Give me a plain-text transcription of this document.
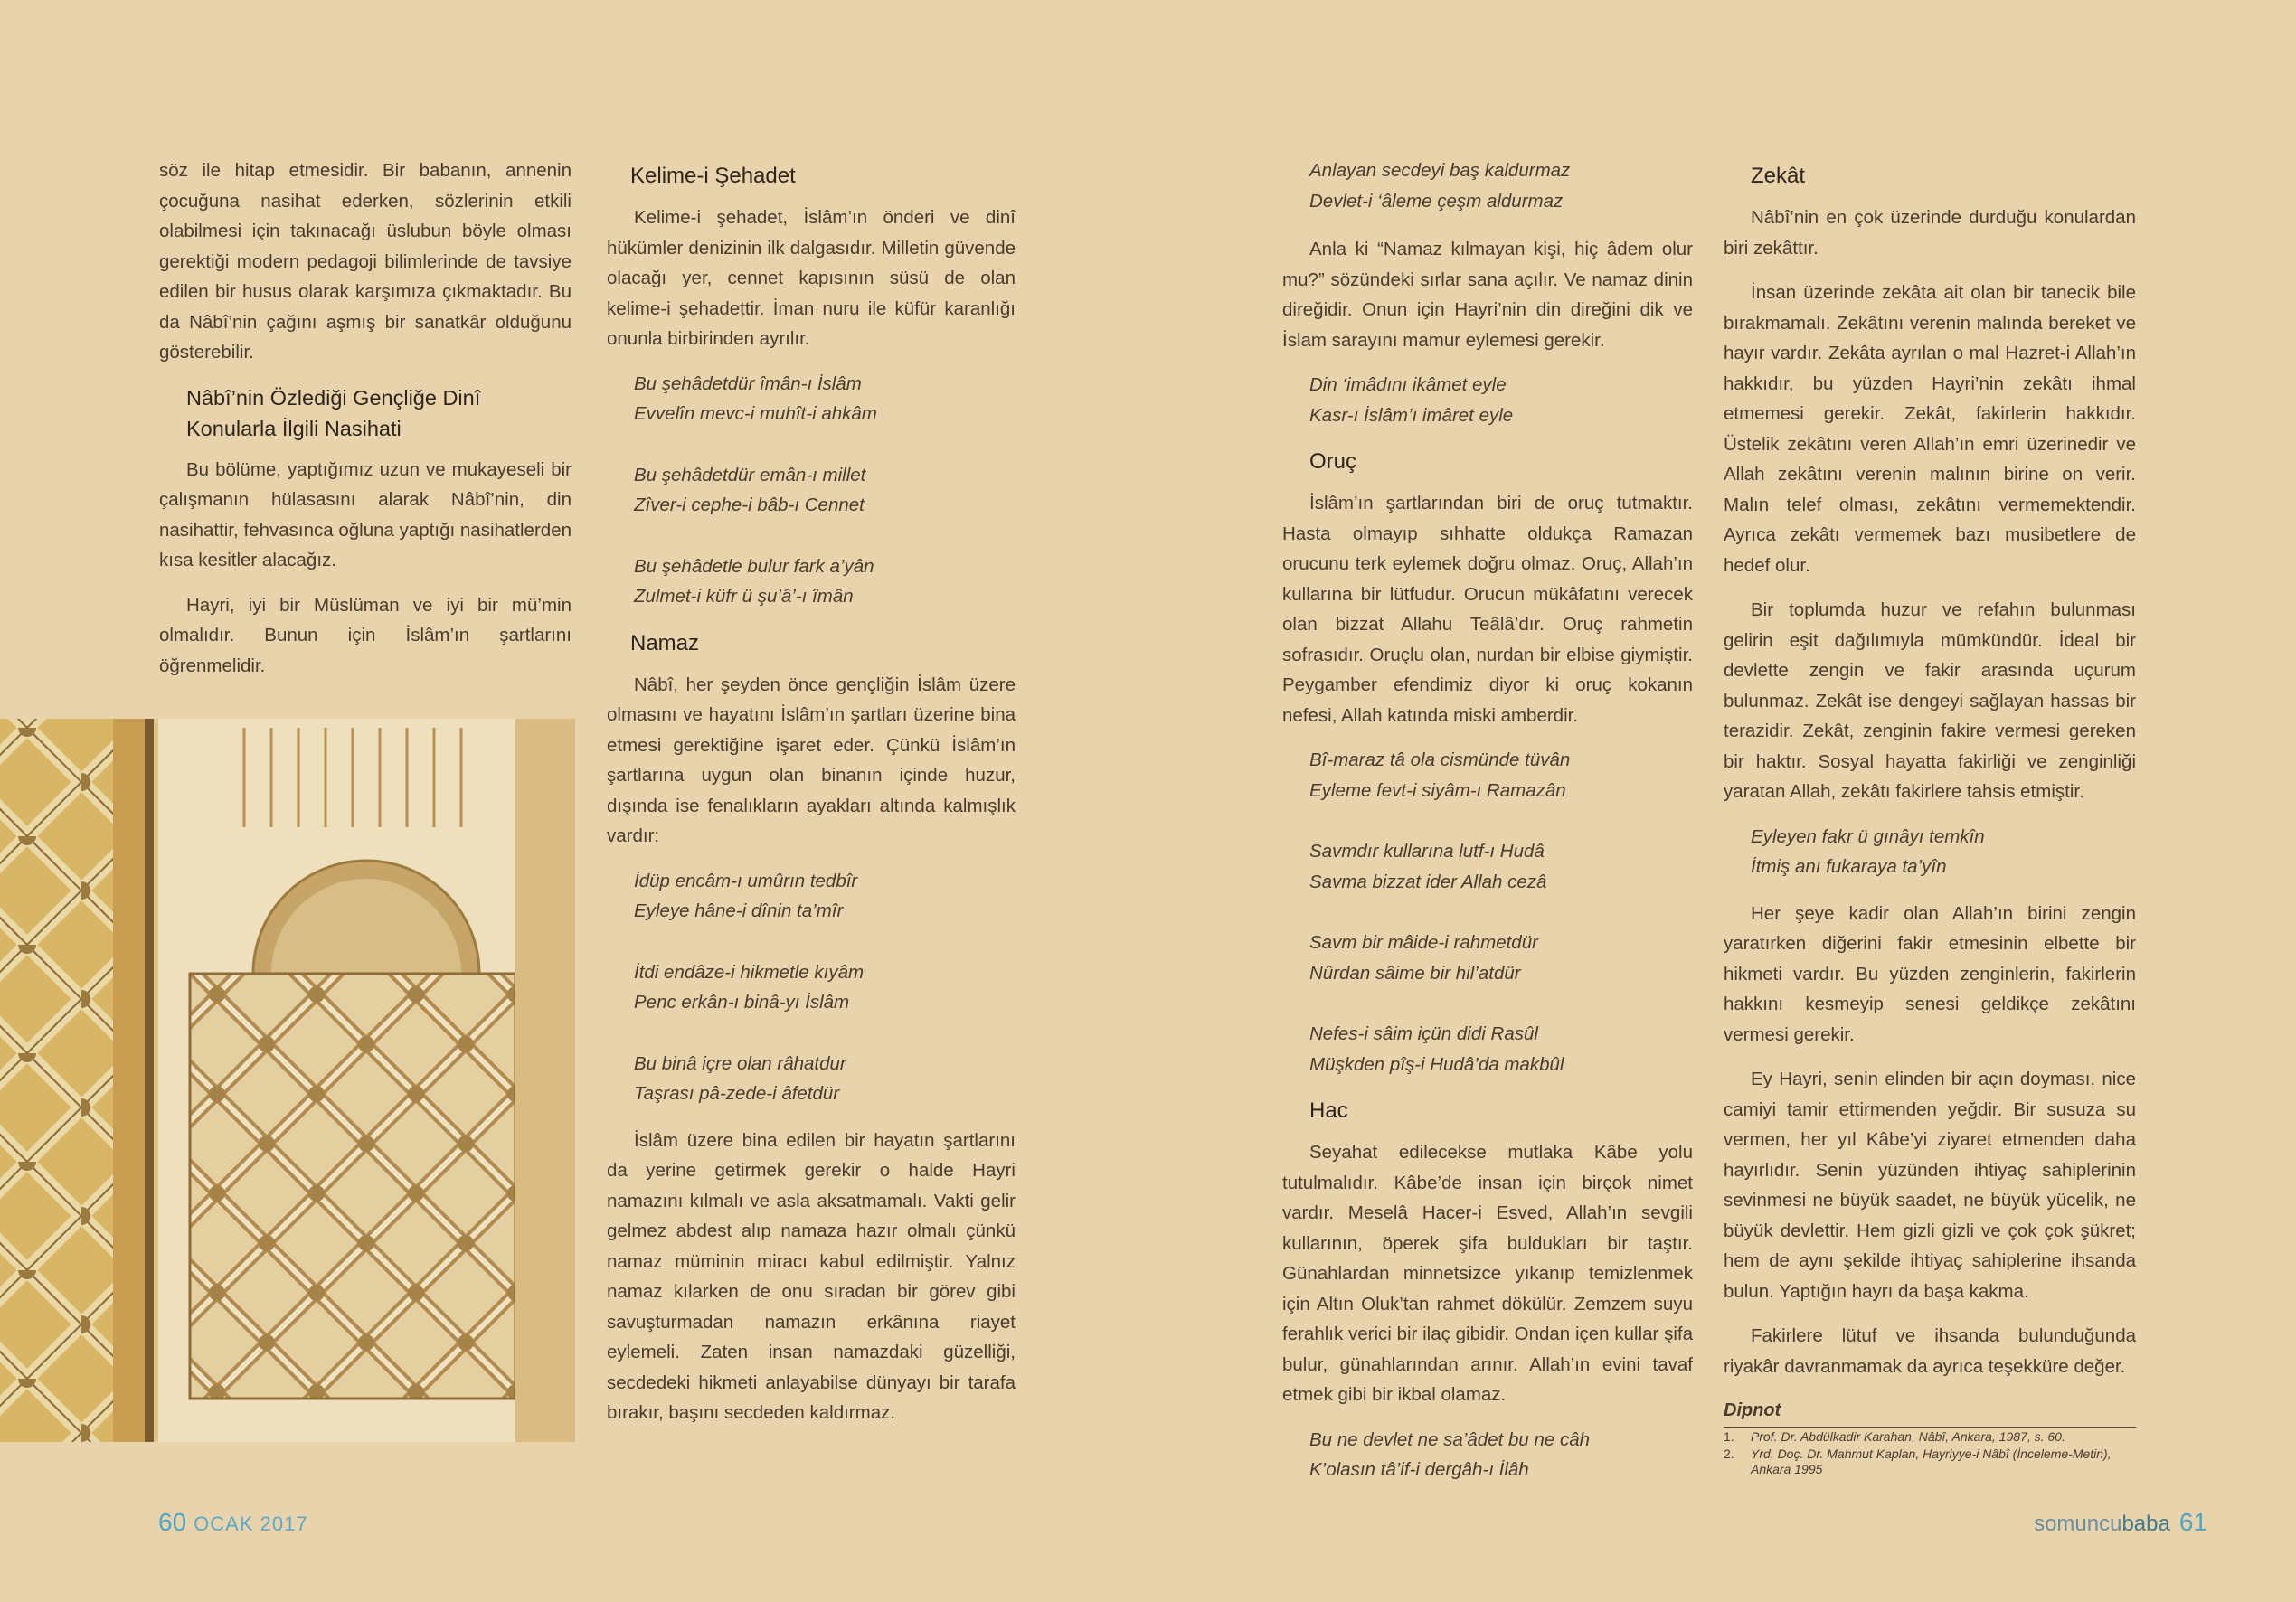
söz ile hitap etmesidir. Bir babanın, annenin çocuğuna nasihat ederken, sözlerinin etkili olabilmesi için takınacağı üslubun böyle olması gerektiği modern pedagoji bilimlerinde de tavsiye edilen bir husus olarak karşımıza çıkmaktadır. Bu da Nâbî’nin çağını aşmış bir sanatkâr olduğunu gösterebilir.

Nâbî’nin Özlediği Gençliğe Dinî Konularla İlgili Nasihati

Bu bölüme, yaptığımız uzun ve mukayeseli bir çalışmanın hülasasını alarak Nâbî’nin, din nasihattir, fehvasınca oğluna yaptığı nasihatlerden kısa kesitler alacağız.

Hayri, iyi bir Müslüman ve iyi bir mü’min olmalıdır. Bunun için İslâm’ın şartlarını öğrenmelidir.

Kelime-i Şehadet

Kelime-i şehadet, İslâm’ın önderi ve dinî hükümler denizinin ilk dalgasıdır. Milletin güvende olacağı yer, cennet kapısının süsü de olan kelime-i şehadettir. İman nuru ile küfür karanlığı onunla birbirinden ayrılır.

Bu şehâdetdür îmân-ı İslâm
Evvelîn mevc-i muhît-i ahkâm
Bu şehâdetdür emân-ı millet
Zîver-i cephe-i bâb-ı Cennet
Bu şehâdetle bulur fark a’yân
Zulmet-i küfr ü şu’â’-ı îmân
Namaz

Nâbî, her şeyden önce gençliğin İslâm üzere olmasını ve hayatını İslâm’ın şartları üzerine bina etmesi gerektiğine işaret eder. Çünkü İslâm’ın şartlarına uygun olan binanın içinde huzur, dışında ise fenalıkların ayakları altında kalmışlık vardır:

İdüp encâm-ı umûrın tedbîr
Eyleye hâne-i dînin ta’mîr
İtdi endâze-i hikmetle kıyâm
Penc erkân-ı binâ-yı İslâm
Bu binâ içre olan râhatdur
Taşrası pâ-zede-i âfetdür

İslâm üzere bina edilen bir hayatın şartlarını da yerine getirmek gerekir o halde Hayri namazını kılmalı ve asla aksatmamalı. Vakti gelir gelmez abdest alıp namaza hazır olmalı çünkü namaz müminin miracı kabul edilmiştir. Yalnız namaz kılarken de onu sıradan bir görev gibi savuşturmadan namazın erkânına riayet eylemeli. Zaten insan namazdaki güzelliği, secdedeki hikmeti anlayabilse dünyayı bir tarafa bırakır, başını secdeden kaldırmaz.

Anlayan secdeyi baş kaldurmaz
Devlet-i ‘âleme çeşm aldurmaz

Anla ki “Namaz kılmayan kişi, hiç âdem olur mu?” sözündeki sırlar sana açılır. Ve namaz dinin direğidir. Onun için Hayri’nin din direğini dik ve İslam sarayını mamur eylemesi gerekir.

Din ‘imâdını ikâmet eyle
Kasr-ı İslâm’ı imâret eyle
Oruç

İslâm’ın şartlarından biri de oruç tutmaktır. Hasta olmayıp sıhhatte oldukça Ramazan orucunu terk eylemek doğru olmaz. Oruç, Allah’ın kullarına bir lütfudur. Orucun mükâfatını verecek olan bizzat Allahu Teâlâ’dır. Oruç rahmetin sofrasıdır. Oruçlu olan, nurdan bir elbise giymiştir. Peygamber efendimiz diyor ki oruç kokanın nefesi, Allah katında miski amberdir.

Bî-maraz tâ ola cismünde tüvân
Eyleme fevt-i siyâm-ı Ramazân
Savmdır kullarına lutf-ı Hudâ
Savma bizzat ider Allah cezâ
Savm bir mâide-i rahmetdür
Nûrdan sâime bir hil’atdür
Nefes-i sâim içün didi Rasûl
Müşkden pîş-i Hudâ’da makbûl
Hac

Seyahat edilecekse mutlaka Kâbe yolu tutulmalıdır. Kâbe’de insan için birçok nimet vardır. Meselâ Hacer-i Esved, Allah’ın sevgili kullarının, öperek şifa buldukları bir taştır. Günahlardan minnetsizce yıkanıp temizlenmek için Altın Oluk’tan rahmet dökülür. Zemzem suyu ferahlık verici bir ilaç gibidir. Ondan içen kullar şifa bulur, günahlarından arınır. Allah’ın evini tavaf etmek gibi bir ikbal olamaz.

Bu ne devlet ne sa’âdet bu ne câh
K’olasın tâ’if-i dergâh-ı İlâh
Zekât

Nâbî’nin en çok üzerinde durduğu konulardan biri zekâttır.

İnsan üzerinde zekâta ait olan bir tanecik bile bırakmamalı. Zekâtını verenin malında bereket ve hayır vardır. Zekâta ayrılan o mal Hazret-i Allah’ın hakkıdır, bu yüzden Hayri’nin zekâtı ihmal etmemesi gerekir. Zekât, fakirlerin hakkıdır. Üstelik zekâtını veren Allah’ın emri üzerinedir ve Allah zekâtını verenin malının birine on verir. Malın telef olması, zekâtını vermemektendir. Ayrıca zekâtı vermemek bazı musibetlere de hedef olur.

Bir toplumda huzur ve refahın bulunması gelirin eşit dağılımıyla mümkündür. İdeal bir devlette zengin ve fakir arasında uçurum bulunmaz. Zekât ise dengeyi sağlayan hassas bir terazidir. Zekât, zenginin fakire vermesi gereken bir haktır. Sosyal hayatta fakirliği ve zenginliği yaratan Allah, zekâtı fakirlere tahsis etmiştir.

Eyleyen fakr ü gınâyı temkîn
İtmiş anı fukaraya ta’yîn

Her şeye kadir olan Allah’ın birini zengin yaratırken diğerini fakir etmesinin elbette bir hikmeti vardır. Bu yüzden zenginlerin, fakirlerin hakkını kesmeyip senesi geldikçe zekâtını vermesi gerekir.

Ey Hayri, senin elinden bir açın doyması, nice camiyi tamir ettirmenden yeğdir. Bir susuza su vermen, her yıl Kâbe’yi ziyaret etmenden daha hayırlıdır. Senin yüzünden ihtiyaç sahiplerinin sevinmesi ne büyük saadet, ne büyük yücelik, ne büyük devlettir. Hem gizli gizli ve çok çok şükret; hem de aynı şekilde ihtiyaç sahiplerine ihsanda bulun. Yaptığın hayrı da başa kakma.

Fakirlere lütuf ve ihsanda bulunduğunda riyakâr davranmamak da ayrıca teşekküre değer.

Dipnot
1.	Prof. Dr. Abdülkadir Karahan, Nâbî, Ankara, 1987, s. 60.
2.	Yrd. Doç. Dr. Mahmut Kaplan, Hayriyye-i Nâbî (İnceleme-Metin), Ankara 1995
60 OCAK 2017	somuncubaba 61
